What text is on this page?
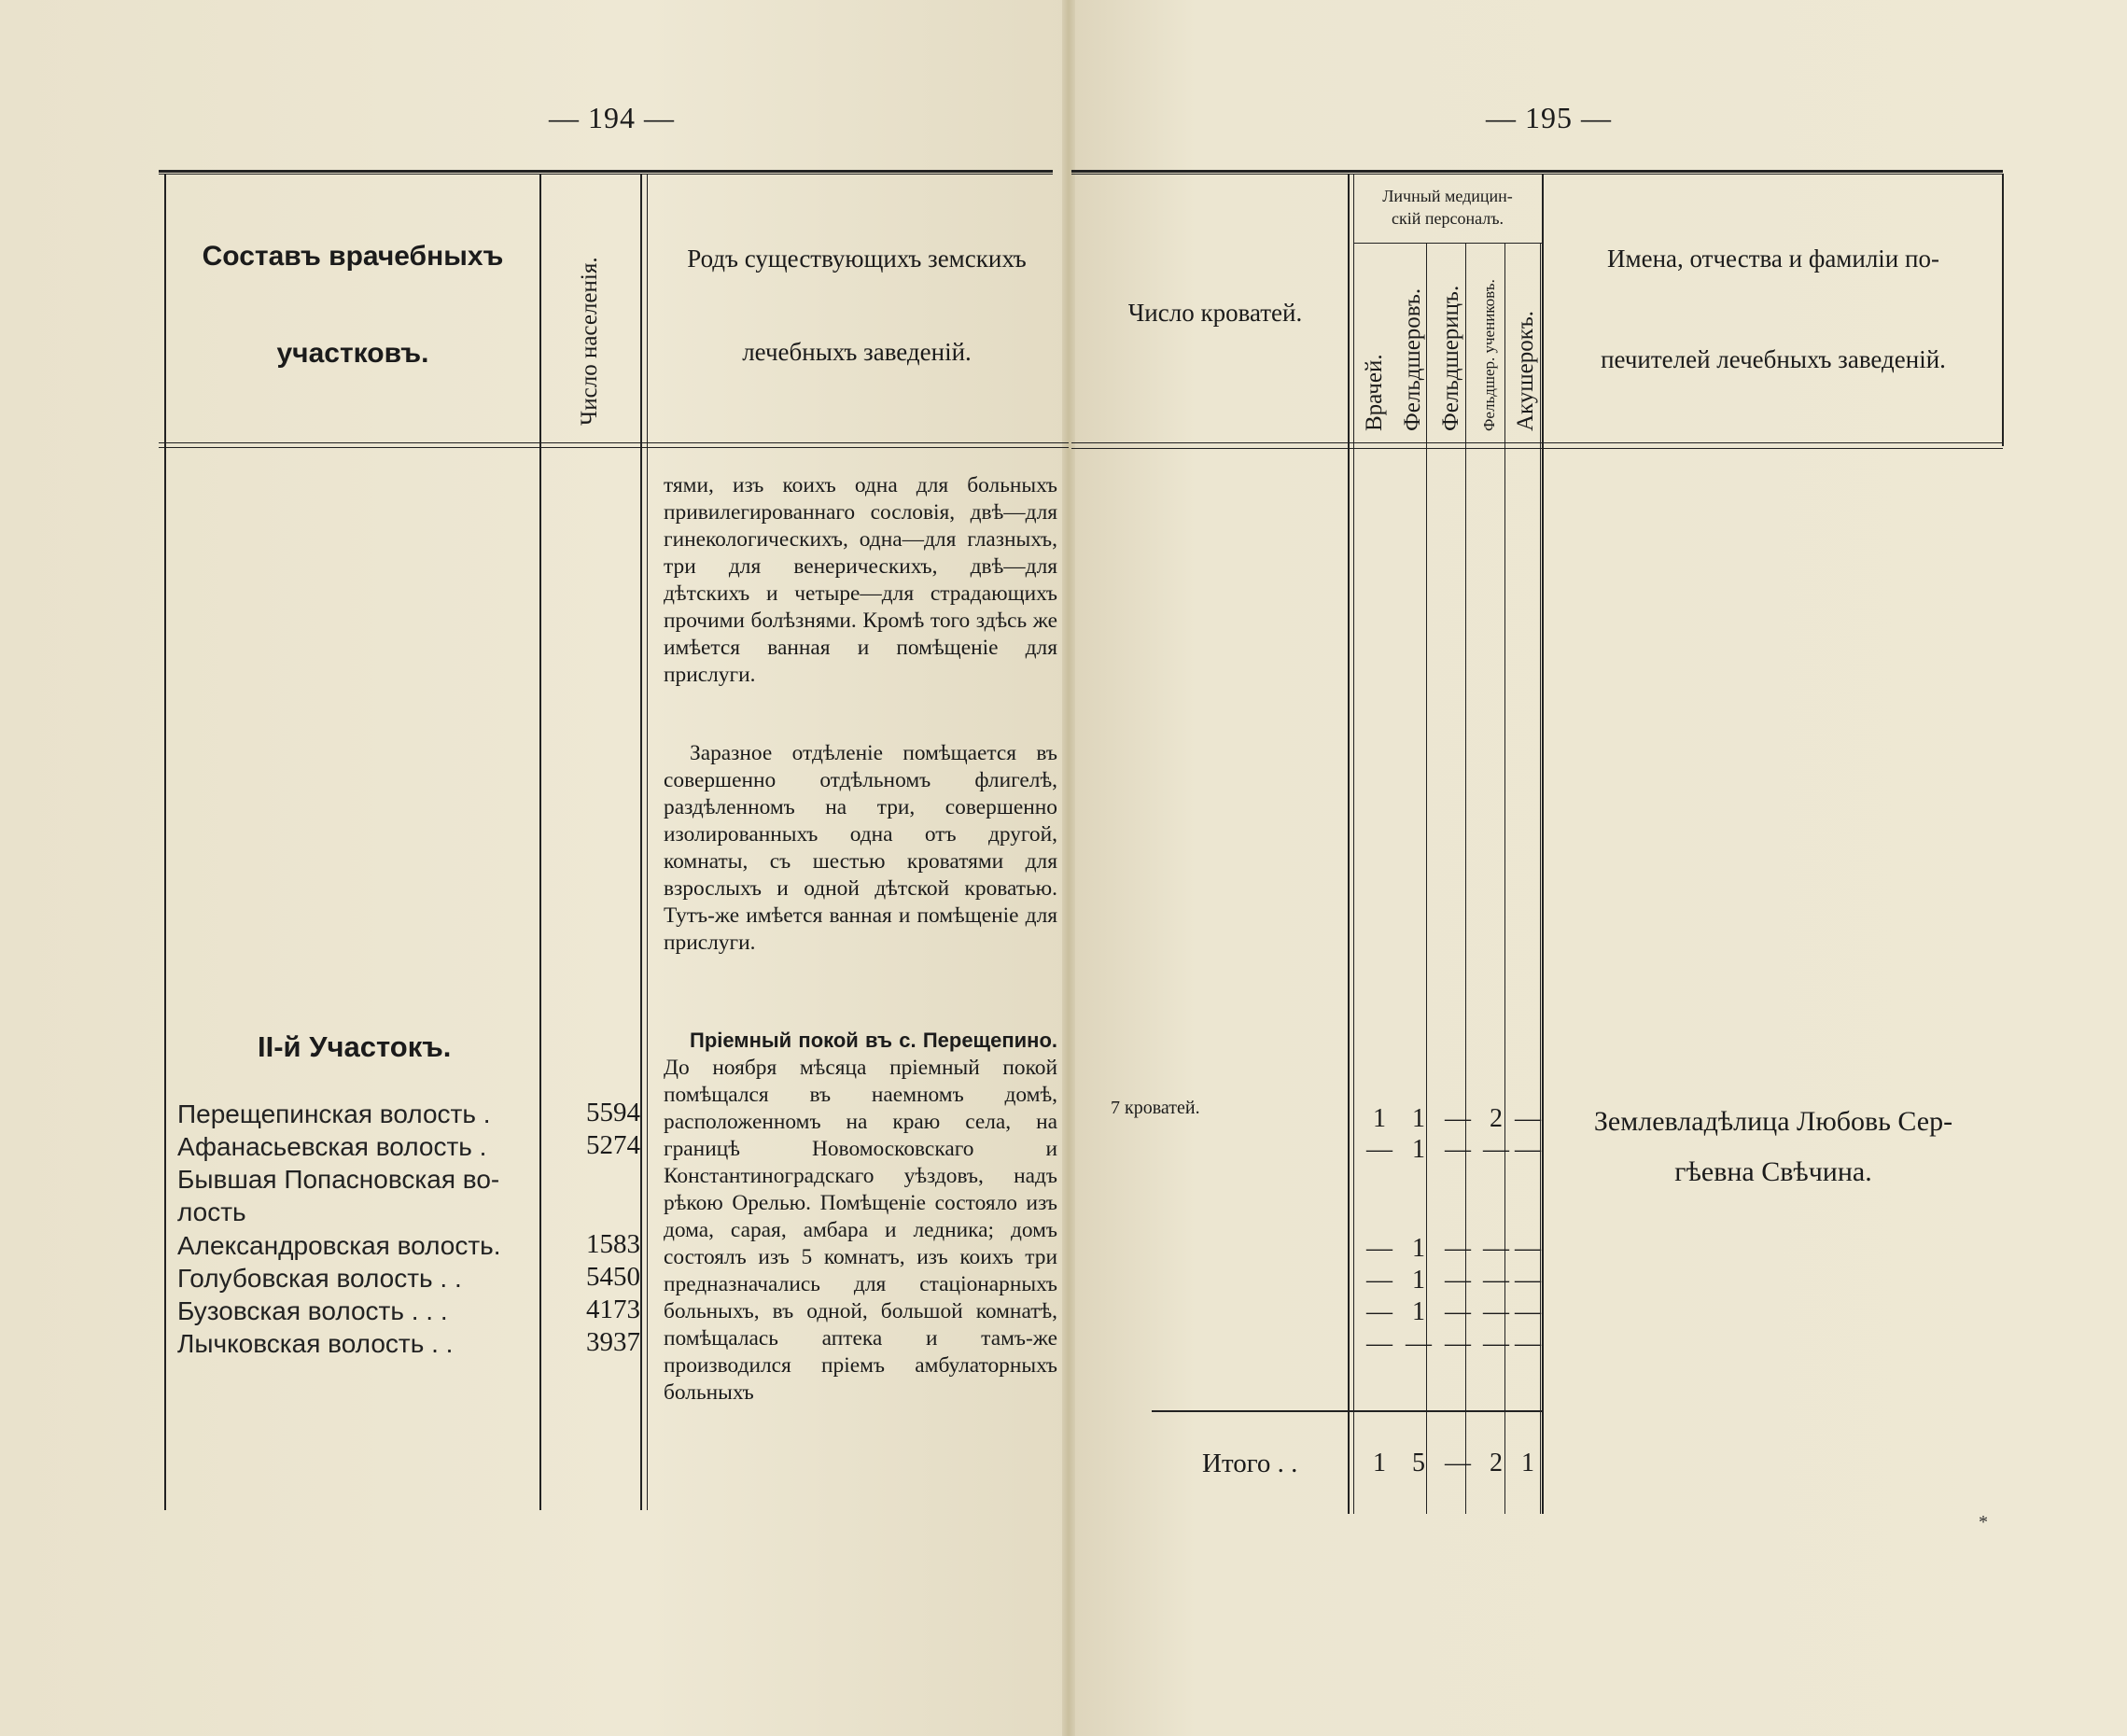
— 194 —
Составъ врачебныхъ
участковъ.	Число населенія.	Родъ существующихъ земскихъ
лечебныхъ заведеній.
тями, изъ коихъ одна для больныхъ привилегированнаго сословія, двѣ—для гинекологическихъ, одна—для глазныхъ, три для венерическихъ, двѣ—для дѣтскихъ и четыре—для страдающихъ прочими болѣзнями. Кромѣ того здѣсь же имѣется ванная и помѣщеніе для прислуги.
Заразное отдѣленіе помѣщается въ совершенно отдѣльномъ флигелѣ, раздѣленномъ на три, совершенно изолированныхъ одна отъ другой, комнаты, съ шестью кроватями для взрослыхъ и одной дѣтской кроватью. Тутъ-же имѣется ванная и помѣщеніе для прислуги.
Пріемный покой въ с. Перещепино. До ноября мѣсяца пріемный покой помѣщался въ наемномъ домѣ, расположенномъ на краю села, на границѣ Новомосковскаго и Константиноградскаго уѣздовъ, надъ рѣкою Орелью. Помѣщеніе состояло изъ дома, сарая, амбара и ледника; домъ состоялъ изъ 5 комнатъ, изъ коихъ три предназначались для стаціонарныхъ больныхъ, въ одной, большой комнатѣ, помѣщалась аптека и тамъ-же производился пріемъ амбулаторныхъ больныхъ
II-й Участокъ.
Перещепинская волость .	5594
Афанасьевская волость .	5274
Бывшая Попасновская во-
лость
Александровская волость.	1583
Голубовская волость . .	5450
Бузовская волость . . .	4173
Лычковская волость . .	3937
— 195 —
Число кроватей.
Личный медицин-
скій персоналъ.
Врачей. Фельдшеровъ. Фельдшерицъ. Фельдшер. учениковъ. Акушерокъ.
Имена, отчества и фамиліи по-
печителей лечебныхъ заведеній.
7 кроватей.	1 1 — 2 —
— 1 — — —
— 1 — — —
— 1 — — —
— 1 — — —
— — — — —
Землевладѣлица Любовь Сер-
гѣевна Свѣчина.
Итого . .	1 5 — 2 1
*
